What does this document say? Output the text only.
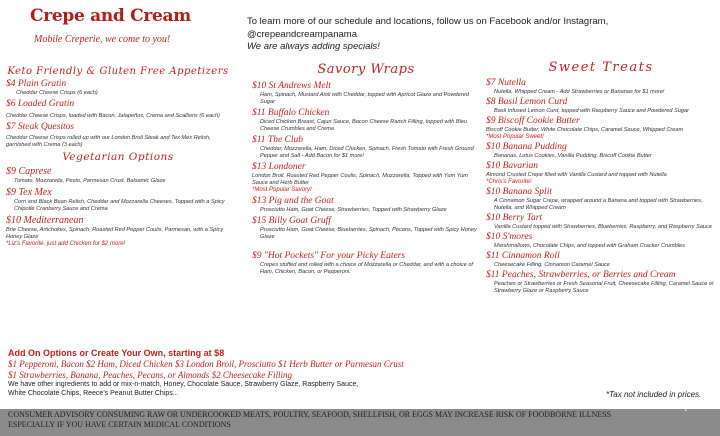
Crepe and Cream
Mobile Creperie, we come to you!
To learn more of our schedule and locations, follow us on Facebook and/or Instagram,
@crepeandcreampanama
We are always adding specials!
Keto Friendly & Gluten Free Appetizers
$4 Plain Gratin
Cheddar Cheese Crisps (6 each)
$6 Loaded Gratin
Cheddar Cheese Crisps, loaded with Bacon, Jalapeños, Crema and Scallions (6 each)
$7 Steak Quesitos
Cheddar Cheese Crisps rolled up with our London Broil Steak and Tex Mex Relish, garnished with Crema (3 each)
Vegetarian Options
$9 Caprese
Tomato, Mozzarella, Pesto, Parmesan Crust, Balsamic Glaze
$9 Tex Mex
Corn and Black Bean Relish, Cheddar and Mozzarella Cheeses, Topped with a Spicy Chipotle Cranberry Sauce and Crema
$10 Mediterranean
Brie Cheese, Artichokes, Spinach, Roasted Red Pepper Coulis, Parmesan, with a Spicy Honey Glaze
*Liz's Favorite, just add Chicken for $2 more!
Savory Wraps
$10 St Andrews Melt
Ham, Spinach, Mustard Aioli with Cheddar, topped with Apricot Glaze and Powdered Sugar
$11 Buffalo Chicken
Diced Chicken Breast, Cajun Sauce, Bacon Cheese Ranch Filling, topped with Bleu Cheese Crumbles and Crema
$11 The Club
Cheddar, Mozzarella, Ham, Diced Chicken, Spinach, Fresh Tomato with Fresh Ground Pepper and Salt - Add Bacon for $1 more!
$13 Londoner
London Broil, Roasted Red Pepper Coulis, Spinach, Mozzarella, Topped with Yum Yum Sauce and Herb Butter
*Most Popular Savory!
$13 Pig and the Goat
Prosciutto Ham, Goat Cheese, Strawberries, Topped with Strawberry Glaze
$15 Billy Goat Gruff
Prosciutto Ham, Goat Cheese, Blueberries, Spinach, Pecans, Topped with Spicy Honey Glaze
$9 "Hot Pockets" For your Picky Eaters
Crepes stuffed and rolled with a choice of Mozzarella or Cheddar, and with a choice of Ham, Chicken, Bacon, or Pepperoni.
Sweet Treats
$7 Nutella
Nutella, Whipped Cream - Add Strawberries or Bananas for $1 more!
$8 Basil Lemon Curd
Basil Infused Lemon Curd, topped with Raspberry Sauce and Powdered Sugar
$9 Biscoff Cookie Butter
Biscoff Cookie Butter, White Chocolate Chips, Caramel Sauce, Whipped Cream
*Most Popular Sweet!
$10 Banana Pudding
Bananas, Lotus Cookies, Vanilla Pudding, Biscoff Cookie Butter
$10 Bavarian
Almond Crusted Crepe filled with Vanilla Custard and topped with Nutella
*Chris's Favorite!
$10 Banana Split
A Cinnamon Sugar Crepe, wrapped around a Banana and topped with Strawberries, Nutella, and Whipped Cream
$10 Berry Tart
Vanilla Custard topped with Strawberries, Blueberries, Raspberry, and Raspberry Sauce
$10 S'mores
Marshmallows, Chocolate Chips, and topped with Graham Cracker Crumbles
$11 Cinnamon Roll
Cheesecake Filling, Cinnamon Caramel Sauce
$11 Peaches, Strawberries, or Berries and Cream
Peaches or Strawberries or Fresh Seasonal Fruit, Cheesecake Filling, Caramel Sauce or Strawberry Glaze or Raspberry Sauce
Add On Options or Create Your Own, starting at $8
$1 Pepperoni, Bacon $2 Ham, Diced Chicken $3 London Broil, Prosciutto $1 Herb Butter or Parmesan Crust
$1 Strawberries, Banana, Peaches, Pecans, or Almonds $2 Cheesecake Filling
We have other ingredients to add or mix-n-match, Honey, Chocolate Sauce, Strawberry Glaze, Raspberry Sauce, White Chocolate Chips, Reece's Peanut Butter Chips...	*Tax not included in prices.
CONSUMER ADVISORY CONSUMING RAW OR UNDERCOOKED MEATS, POULTRY, SEAFOOD, SHELLFISH, OR EGGS MAY INCREASE RISK OF FOODBORNE ILLNESS
ESPECIALLY IF YOU HAVE CERTAIN MEDICAL CONDITIONS
menupix
